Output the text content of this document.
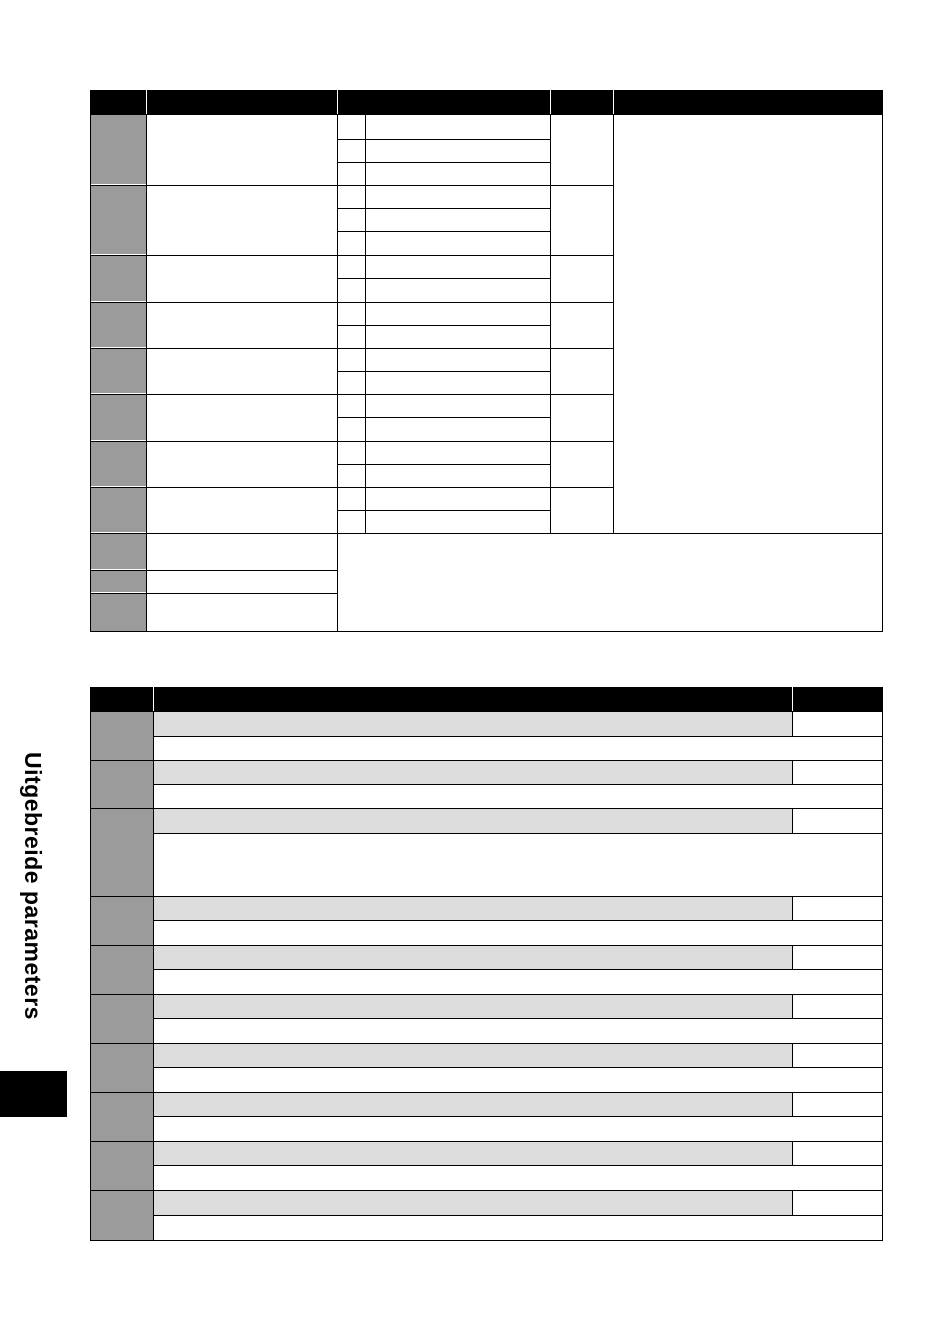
Uitgebreide parameters
